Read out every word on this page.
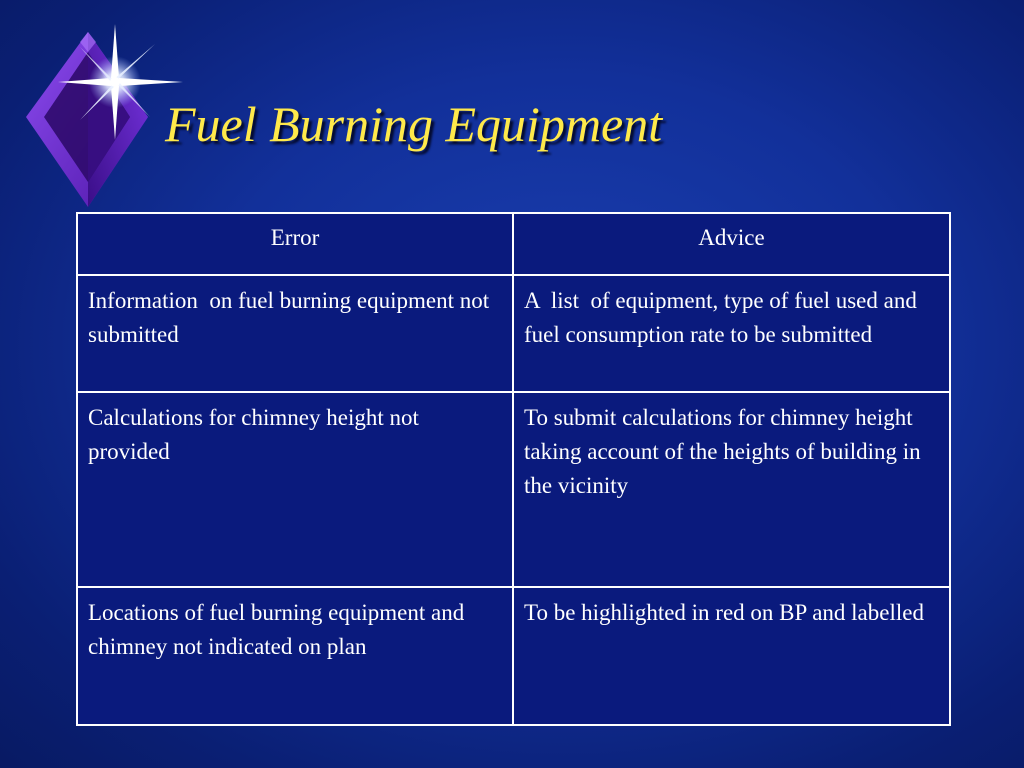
Fuel Burning Equipment
Error	Advice
Information  on fuel burning equipment not submitted	A  list  of equipment, type of fuel used and fuel consumption rate to be submitted
Calculations for chimney height not provided	To submit calculations for chimney height taking account of the heights of building in the vicinity
Locations of fuel burning equipment and chimney not indicated on plan	To be highlighted in red on BP and labelled
